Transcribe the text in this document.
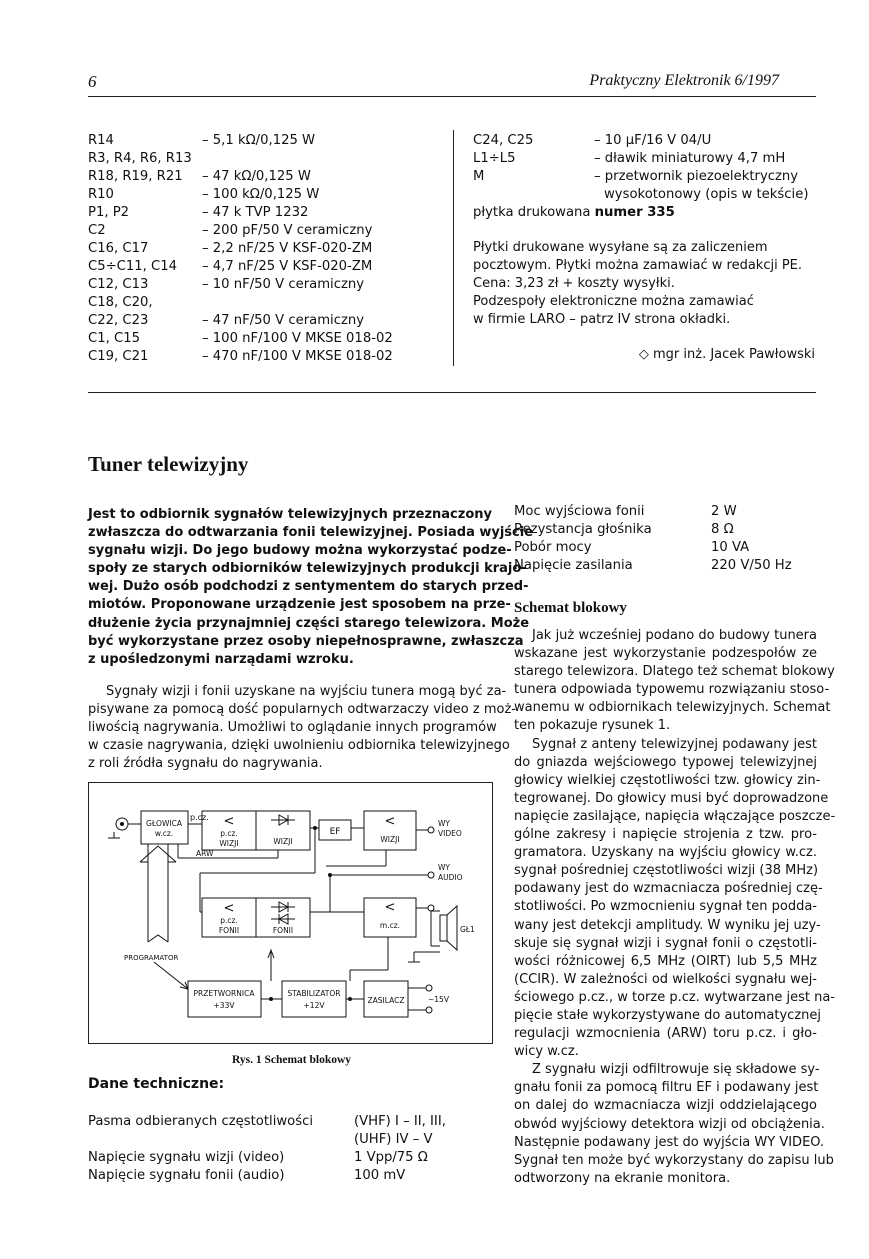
6	Praktyczny Elektronik 6/1997
R14	– 5,1 kΩ/0,125 W
R3, R4, R6, R13	
R18, R19, R21	– 47 kΩ/0,125 W
R10	– 100 kΩ/0,125 W
P1, P2	– 47 k TVP 1232
C2	– 200 pF/50 V ceramiczny
C16, C17	– 2,2 nF/25 V KSF-020-ZM
C5÷C11, C14	– 4,7 nF/25 V KSF-020-ZM
C12, C13	– 10 nF/50 V ceramiczny
C18, C20,	
C22, C23	– 47 nF/50 V ceramiczny
C1, C15	– 100 nF/100 V MKSE 018-02
C19, C21	– 470 nF/100 V MKSE 018-02
C24, C25	– 10 µF/16 V 04/U
L1÷L5	– dławik miniaturowy 4,7 mH
M	– przetwornik piezoelektryczny
	wysokotonowy (opis w tekście)
płytka drukowana numer 335
Płytki drukowane wysyłane są za zaliczeniem
pocztowym. Płytki można zamawiać w redakcji PE.
Cena: 3,23 zł + koszty wysyłki.
Podzespoły elektroniczne można zamawiać
w firmie LARO – patrz IV strona okładki.
◇ mgr inż. Jacek Pawłowski
Tuner telewizyjny
Jest to odbiornik sygnałów telewizyjnych przeznaczony
zwłaszcza do odtwarzania fonii telewizyjnej. Posiada wyjście
sygnału wizji. Do jego budowy można wykorzystać podze-
społy ze starych odbiorników telewizyjnych produkcji krajo-
wej. Dużo osób podchodzi z sentymentem do starych przed-
miotów. Proponowane urządzenie jest sposobem na prze-
dłużenie życia przynajmniej części starego telewizora. Może
być wykorzystane przez osoby niepełnosprawne, zwłaszcza
z upośledzonymi narządami wzroku.
Sygnały wizji i fonii uzyskane na wyjściu tunera mogą być za-
pisywane za pomocą dość popularnych odtwarzaczy video z moż-
liwością nagrywania. Umożliwi to oglądanie innych programów
w czasie nagrywania, dzięki uwolnieniu odbiornika telewizyjnego
z roli źródła sygnału do nagrywania.
GŁOWICA
w.cz.
p.cz. <
p.cz.
WIZJI	WIZJI
EF
<
WIZJI
WY
VIDEO
ARW
WY
AUDIO
<
p.cz.
FONII	FONII
<
m.cz.	GŁ1
PROGRAMATOR
PRZETWORNICA
+33V
STABILIZATOR
+12V
ZASILACZ	~15V
Rys. 1 Schemat blokowy
Dane techniczne:
Pasma odbieranych częstotliwości	(VHF) I – II, III,
	(UHF) IV – V
Napięcie sygnału wizji (video)	1 Vpp/75 Ω
Napięcie sygnału fonii (audio)	100 mV
Moc wyjściowa fonii	2 W
Rezystancja głośnika	8 Ω
Pobór mocy	10 VA
Napięcie zasilania	220 V/50 Hz
Schemat blokowy
Jak już wcześniej podano do budowy tunera
wskazane jest wykorzystanie podzespołów ze
starego telewizora. Dlatego też schemat blokowy
tunera odpowiada typowemu rozwiązaniu stoso-
wanemu w odbiornikach telewizyjnych. Schemat
ten pokazuje rysunek 1.
Sygnał z anteny telewizyjnej podawany jest
do gniazda wejściowego typowej telewizyjnej
głowicy wielkiej częstotliwości tzw. głowicy zin-
tegrowanej. Do głowicy musi być doprowadzone
napięcie zasilające, napięcia włączające poszcze-
gólne zakresy i napięcie strojenia z tzw. pro-
gramatora. Uzyskany na wyjściu głowicy w.cz.
sygnał pośredniej częstotliwości wizji (38 MHz)
podawany jest do wzmacniacza pośredniej czę-
stotliwości. Po wzmocnieniu sygnał ten podda-
wany jest detekcji amplitudy. W wyniku jej uzy-
skuje się sygnał wizji i sygnał fonii o częstotli-
wości różnicowej 6,5 MHz (OIRT) lub 5,5 MHz
(CCIR). W zależności od wielkości sygnału wej-
ściowego p.cz., w torze p.cz. wytwarzane jest na-
pięcie stałe wykorzystywane do automatycznej
regulacji wzmocnienia (ARW) toru p.cz. i gło-
wicy w.cz.
Z sygnału wizji odfiltrowuje się składowe sy-
gnału fonii za pomocą filtru EF i podawany jest
on dalej do wzmacniacza wizji oddzielającego
obwód wyjściowy detektora wizji od obciążenia.
Następnie podawany jest do wyjścia WY VIDEO.
Sygnał ten może być wykorzystany do zapisu lub
odtworzony na ekranie monitora.
